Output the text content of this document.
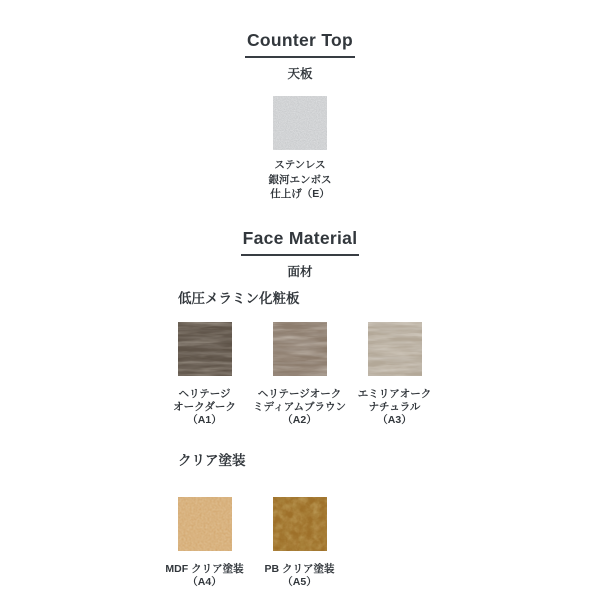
Counter Top
天板
ステンレス
銀河エンボス
仕上げ（E）
Face Material
面材
低圧メラミン化粧板
ヘリテージ
オークダーク
（A1）
ヘリテージオーク
ミディアムブラウン
（A2）
エミリアオーク
ナチュラル
（A3）
クリア塗装
MDF クリア塗装
（A4）
PB クリア塗装
（A5）
